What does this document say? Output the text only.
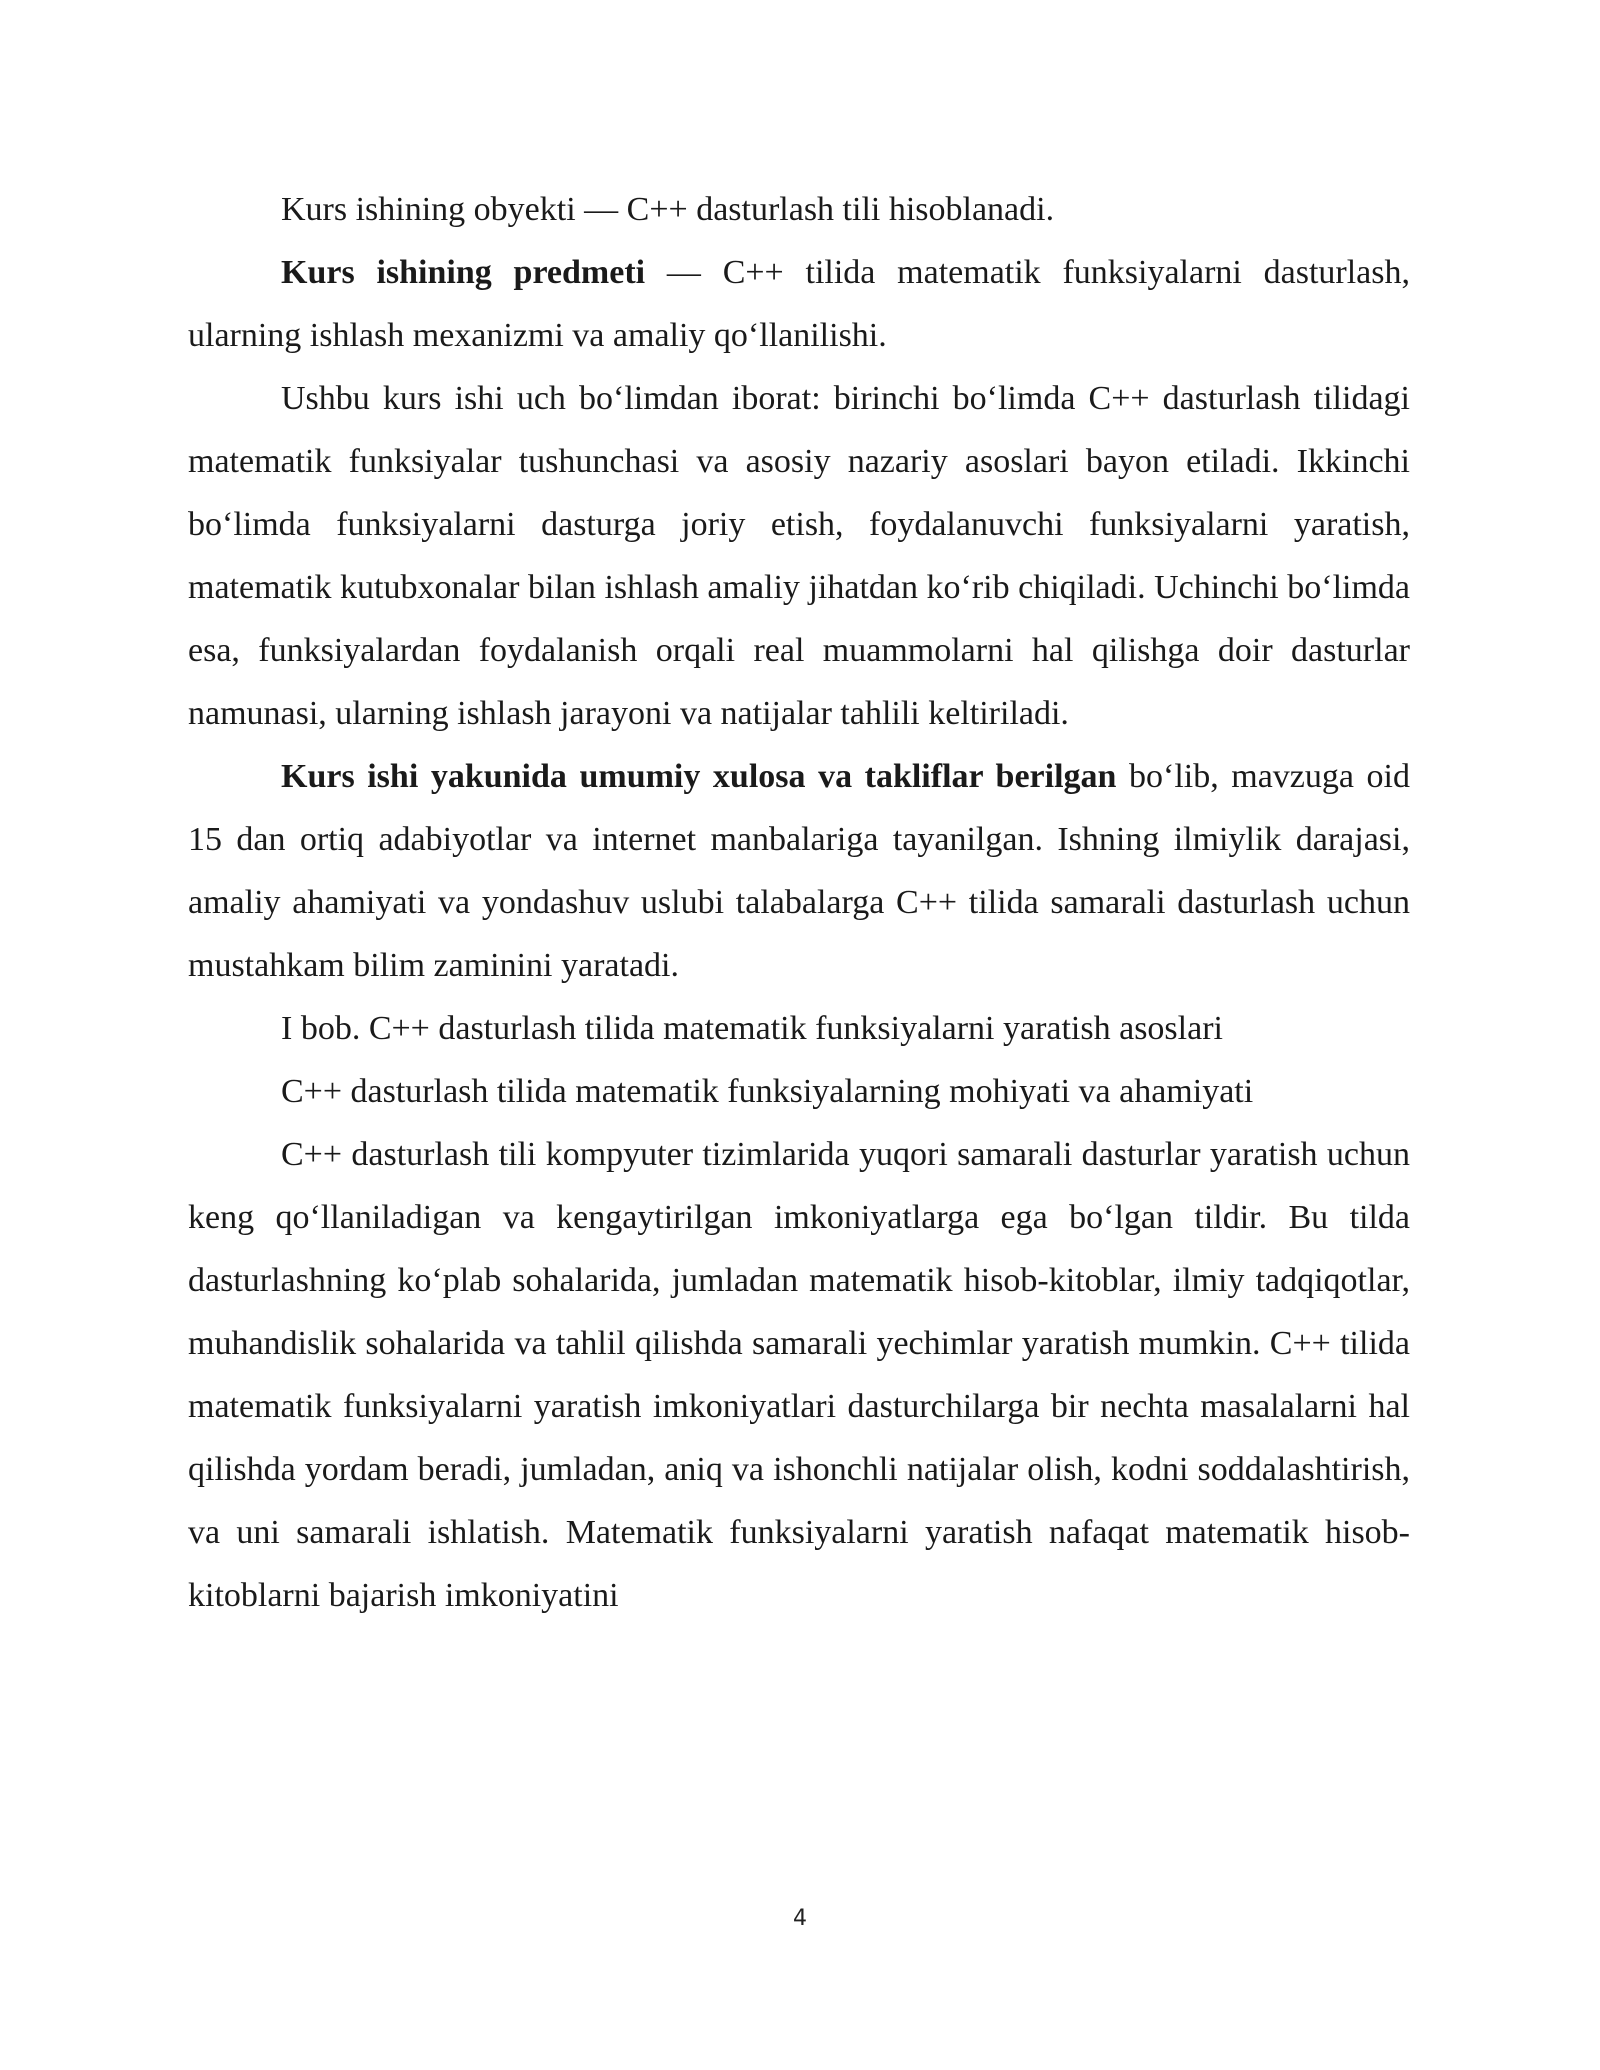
Kurs ishining obyekti — C++ dasturlash tili hisoblanadi.

Kurs ishining predmeti — C++ tilida matematik funksiyalarni dasturlash, ularning ishlash mexanizmi va amaliy qo‘llanilishi.

Ushbu kurs ishi uch bo‘limdan iborat: birinchi bo‘limda C++ dasturlash tilidagi matematik funksiyalar tushunchasi va asosiy nazariy asoslari bayon etiladi. Ikkinchi bo‘limda funksiyalarni dasturga joriy etish, foydalanuvchi funksiyalarni yaratish, matematik kutubxonalar bilan ishlash amaliy jihatdan ko‘rib chiqiladi. Uchinchi bo‘limda esa, funksiyalardan foydalanish orqali real muammolarni hal qilishga doir dasturlar namunasi, ularning ishlash jarayoni va natijalar tahlili keltiriladi.

Kurs ishi yakunida umumiy xulosa va takliflar berilgan bo‘lib, mavzuga oid 15 dan ortiq adabiyotlar va internet manbalariga tayanilgan. Ishning ilmiylik darajasi, amaliy ahamiyati va yondashuv uslubi talabalarga C++ tilida samarali dasturlash uchun mustahkam bilim zaminini yaratadi.

I bob. C++ dasturlash tilida matematik funksiyalarni yaratish asoslari

C++ dasturlash tilida matematik funksiyalarning mohiyati va ahamiyati

C++ dasturlash tili kompyuter tizimlarida yuqori samarali dasturlar yaratish uchun keng qo‘llaniladigan va kengaytirilgan imkoniyatlarga ega bo‘lgan tildir. Bu tilda dasturlashning ko‘plab sohalarida, jumladan matematik hisob-kitoblar, ilmiy tadqiqotlar, muhandislik sohalarida va tahlil qilishda samarali yechimlar yaratish mumkin. C++ tilida matematik funksiyalarni yaratish imkoniyatlari dasturchilarga bir nechta masalalarni hal qilishda yordam beradi, jumladan, aniq va ishonchli natijalar olish, kodni soddalashtirish, va uni samarali ishlatish. Matematik funksiyalarni yaratish nafaqat matematik hisob-kitoblarni bajarish imkoniyatini

4
